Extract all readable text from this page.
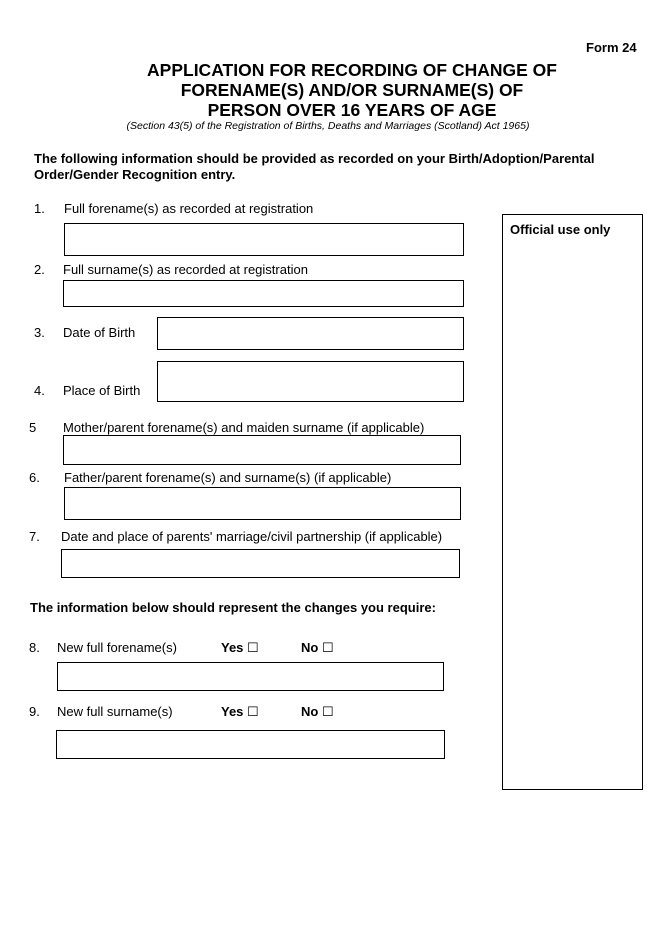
Form 24
APPLICATION FOR RECORDING OF CHANGE OF
FORENAME(S) AND/OR SURNAME(S) OF
PERSON OVER 16 YEARS OF AGE
(Section 43(5) of the Registration of Births, Deaths and Marriages (Scotland) Act 1965)
The following information should be provided as recorded on your Birth/Adoption/Parental
Order/Gender Recognition entry.
1. Full forename(s) as recorded at registration
2. Full surname(s) as recorded at registration
3. Date of Birth
4. Place of Birth
5 Mother/parent forename(s) and maiden surname (if applicable)
6. Father/parent forename(s) and surname(s) (if applicable)
7. Date and place of parents' marriage/civil partnership (if applicable)
Official use only
The information below should represent the changes you require:
8. New full forename(s)	Yes ☐	No ☐
9. New full surname(s)	Yes ☐	No ☐
